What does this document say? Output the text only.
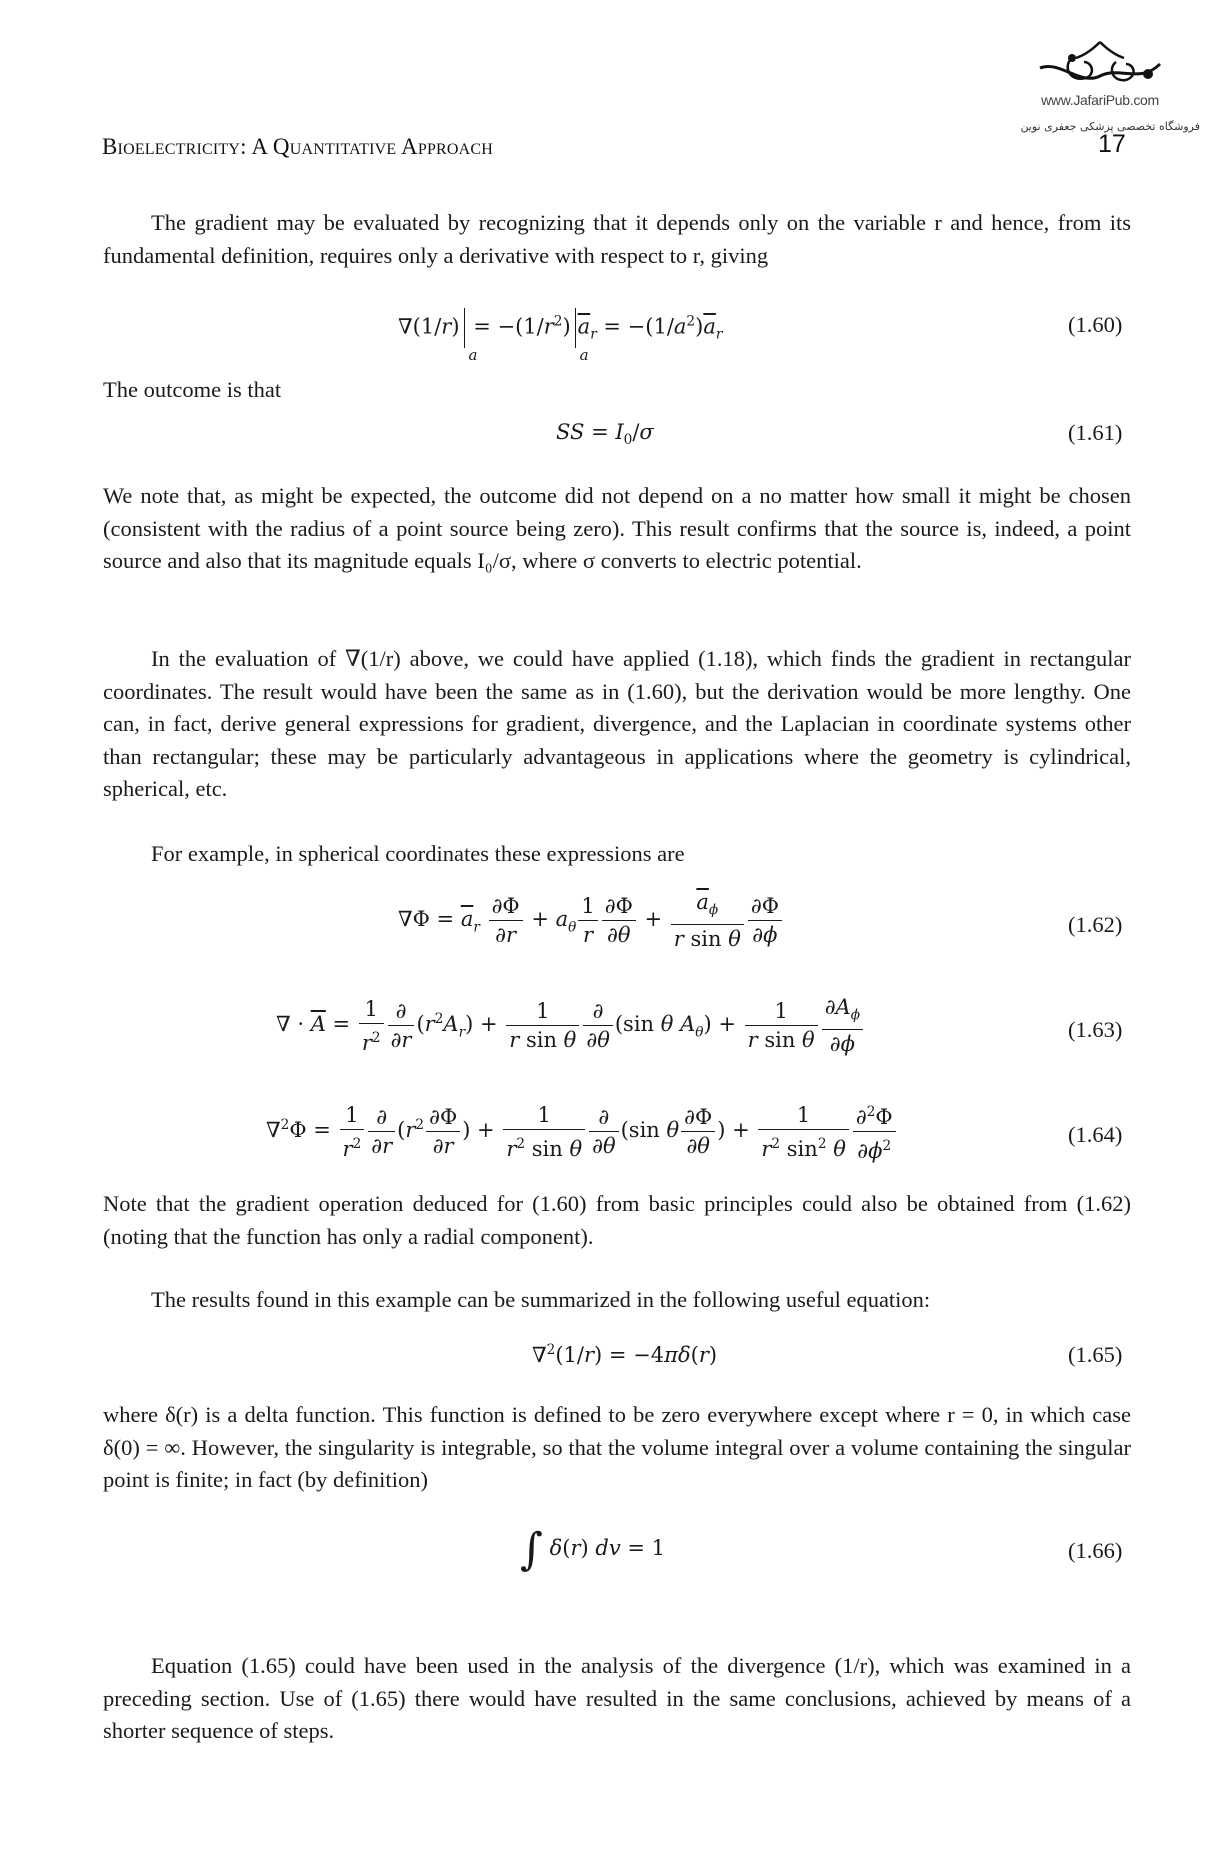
www.JafariPub.com
فروشگاه تخصصی پزشکی جعفری نوین
Bioelectricity: A Quantitative Approach	17
The gradient may be evaluated by recognizing that it depends only on the variable r and hence, from its fundamental definition, requires only a derivative with respect to r, giving
∇(1/r)
a
= $-(1/r^2)$
a
$\overline{a}_r = -(1/a^2)\overline{a}_r$	(1.60)
The outcome is that
SS = $I_0/\sigma$	(1.61)
We note that, as might be expected, the outcome did not depend on a no matter how small it might be chosen (consistent with the radius of a point source being zero). This result confirms that the source is, indeed, a point source and also that its magnitude equals I₀/σ, where σ converts to electric potential.
In the evaluation of ∇(1/r) above, we could have applied (1.18), which finds the gradient in rectangular coordinates. The result would have been the same as in (1.60), but the derivation would be more lengthy. One can, in fact, derive general expressions for gradient, divergence, and the Laplacian in coordinate systems other than rectangular; these may be particularly advantageous in applications where the geometry is cylindrical, spherical, etc.
For example, in spherical coordinates these expressions are
$\nabla\Phi = \overline{a}_r \frac{\partial\Phi}{\partial r} + a_\theta \frac{1}{r} \frac{\partial\Phi}{\partial\theta} + \frac{\overline{a}_\phi}{\text{r sin θ}} \frac{\partial\Phi}{\partial\phi}$	(1.62)
∇ · $\overline{A} = \frac{1}{r^2} \frac{\partial}{\partial r} (r^2A_r) + \frac{1}{\text{r sin θ}} \frac{\partial}{\partial\theta} (\sin$ θ $A_\theta) + \frac{1}{\text{r sin θ}} \frac{\partial A_\phi}{\partial\phi}$	(1.63)
$\nabla^2\Phi = \frac{1}{r^2} \frac{\partial}{\partial r} (r^2 \frac{\partial\Phi}{\partial r}$ ) + $\frac{1}{r^2 \sin \theta} \frac{\partial}{\partial\theta} (\sin$ θ $\frac{\partial\Phi}{\partial\theta}$ ) + $\frac{1}{r^2 \sin^2 \theta} \frac{\partial^2\Phi}{\partial\phi^2}$	(1.64)
Note that the gradient operation deduced for (1.60) from basic principles could also be obtained from (1.62) (noting that the function has only a radial component).
The results found in this example can be summarized in the following useful equation:
∇$^2$(1/r) = −4πδ(r)	(1.65)
where δ(r) is a delta function. This function is defined to be zero everywhere except where r = 0, in which case δ(0) = ∞. However, the singularity is integrable, so that the volume integral over a volume containing the singular point is finite; in fact (by definition)
∫ δ(r) dv = 1	(1.66)
Equation (1.65) could have been used in the analysis of the divergence (1/r), which was examined in a preceding section. Use of (1.65) there would have resulted in the same conclusions, achieved by means of a shorter sequence of steps.
